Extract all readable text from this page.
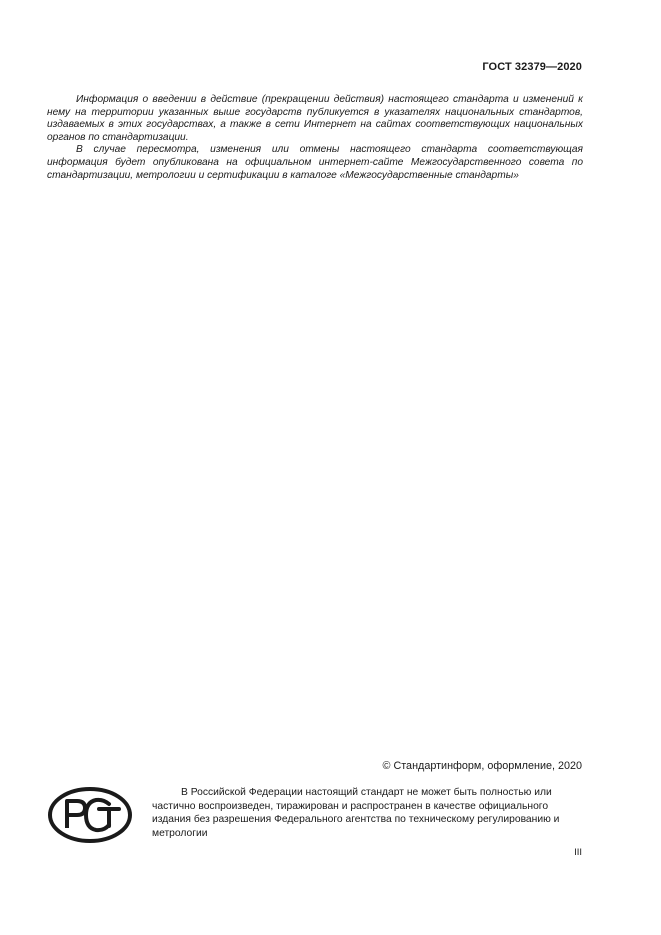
ГОСТ 32379—2020

Информация о введении в действие (прекращении действия) настоящего стандарта и изменений к нему на территории указанных выше государств публикуется в указателях национальных стандартов, издаваемых в этих государствах, а также в сети Интернет на сайтах соответствующих национальных органов по стандартизации.

В случае пересмотра, изменения или отмены настоящего стандарта соответствующая информация будет опубликована на официальном интернет-сайте Межгосударственного совета по стандартизации, метрологии и сертификации в каталоге «Межгосударственные стандарты»

© Стандартинформ, оформление, 2020

В Российской Федерации настоящий стандарт не может быть полностью или частично воспроизведен, тиражирован и распространен в качестве официального издания без разрешения Федерального агентства по техническому регулированию и метрологии

III
